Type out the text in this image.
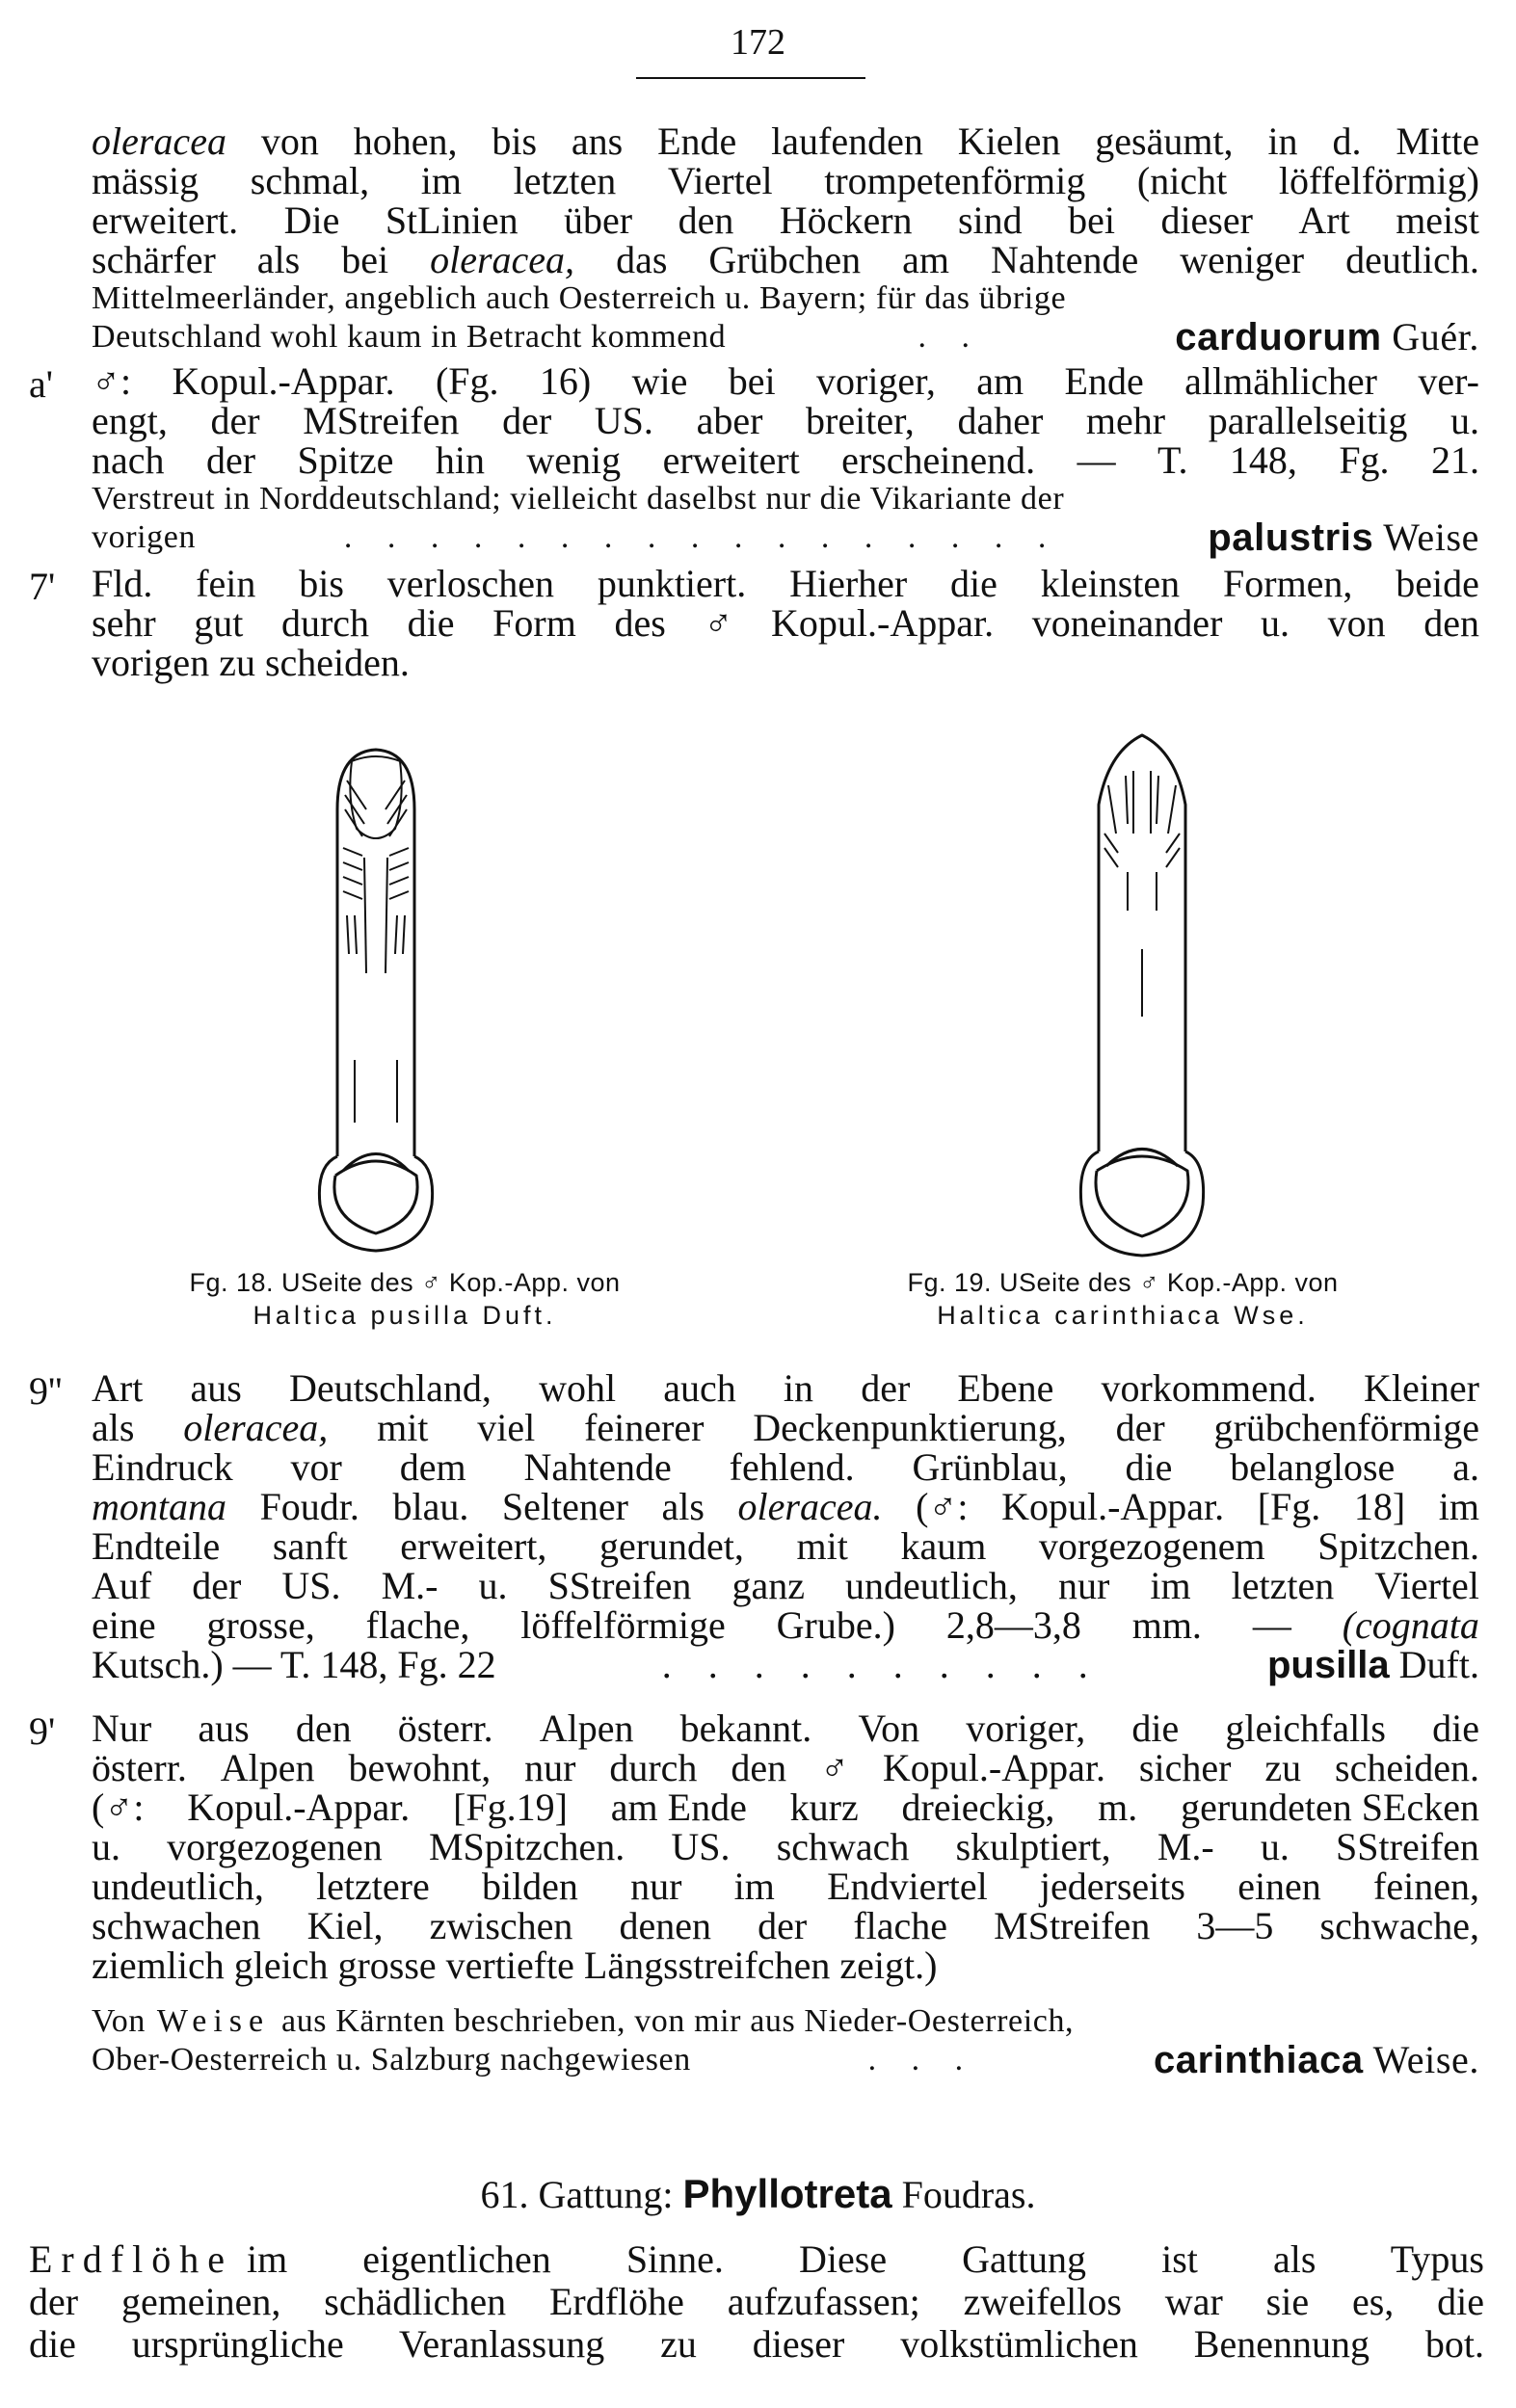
172
oleracea von hohen, bis ans Ende laufenden Kielen gesäumt, in d. Mitte
mässig schmal, im letzten Viertel trompetenförmig (nicht löffelförmig)
erweitert. Die StLinien über den Höckern sind bei dieser Art meist
schärfer als bei oleracea, das Grübchen am Nahtende weniger deutlich.
Mittelmeerländer, angeblich auch Oesterreich u. Bayern; für das übrige
Deutschland wohl kaum in Betracht kommend	. .	carduorum Guér.
a' ♂: Kopul.-Appar. (Fg. 16) wie bei voriger, am Ende allmählicher ver-
engt, der MStreifen der US. aber breiter, daher mehr parallelseitig u.
nach der Spitze hin wenig erweitert erscheinend. — T. 148, Fg. 21.
Verstreut in Norddeutschland; vielleicht daselbst nur die Vikariante der
vorigen	. . . . . . . . . . . . . . . . .	palustris Weise
7' Fld. fein bis verloschen punktiert. Hierher die kleinsten Formen, beide
sehr gut durch die Form des ♂ Kopul.-Appar. voneinander u. von den
vorigen zu scheiden.
Fg. 18. USeite des ♂ Kop.-App. von
Haltica pusilla Duft.
Fg. 19. USeite des ♂ Kop.-App. von
Haltica carinthiaca Wse.
9'' Art aus Deutschland, wohl auch in der Ebene vorkommend. Kleiner
als oleracea, mit viel feinerer Deckenpunktierung, der grübchenförmige
Eindruck vor dem Nahtende fehlend. Grünblau, die belanglose a.
montana Foudr. blau. Seltener als oleracea. (♂: Kopul.-Appar. [Fg. 18] im
Endteile sanft erweitert, gerundet, mit kaum vorgezogenem Spitzchen.
Auf der US. M.- u. SStreifen ganz undeutlich, nur im letzten Viertel
eine grosse, flache, löffelförmige Grube.) 2,8—3,8 mm. — (cognata
Kutsch.) — T. 148, Fg. 22	. . . . . . . . . .	pusilla Duft.
9' Nur aus den österr. Alpen bekannt. Von voriger, die gleichfalls die
österr. Alpen bewohnt, nur durch den ♂ Kopul.-Appar. sicher zu scheiden.
(♂: Kopul.-Appar. [Fg.19] am Ende kurz dreieckig, m. gerundeten SEcken
u. vorgezogenen MSpitzchen. US. schwach skulptiert, M.- u. SStreifen
undeutlich, letztere bilden nur im Endviertel jederseits einen feinen,
schwachen Kiel, zwischen denen der flache MStreifen 3—5 schwache,
ziemlich gleich grosse vertiefte Längsstreifchen zeigt.)
Von Weise aus Kärnten beschrieben, von mir aus Nieder-Oesterreich,
Ober-Oesterreich u. Salzburg nachgewiesen	. . .	carinthiaca Weise.
61. Gattung: Phyllotreta Foudras.
Erdflöhe im eigentlichen Sinne. Diese Gattung ist als Typus
der gemeinen, schädlichen Erdflöhe aufzufassen; zweifellos war sie es, die
die ursprüngliche Veranlassung zu dieser volkstümlichen Benennung bot.
